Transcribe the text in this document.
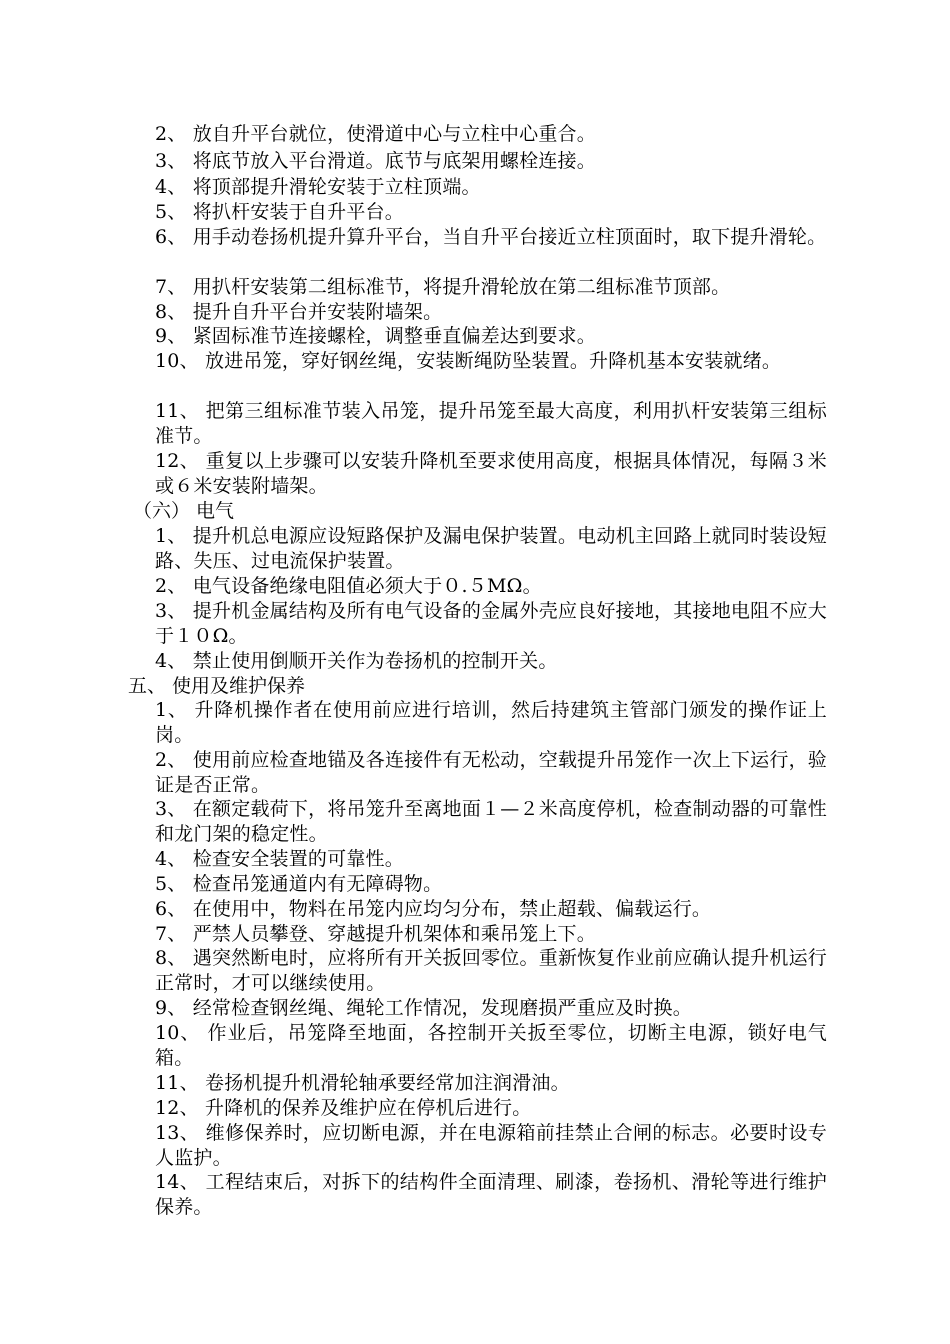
2、 放自升平台就位，使滑道中心与立柱中心重合。
3、 将底节放入平台滑道。底节与底架用螺栓连接。
4、 将顶部提升滑轮安装于立柱顶端。
5、 将扒杆安装于自升平台。
6、 用手动卷扬机提升算升平台，当自升平台接近立柱顶面时，取下提升滑轮。
7、 用扒杆安装第二组标准节，将提升滑轮放在第二组标准节顶部。
8、 提升自升平台并安装附墙架。
9、 紧固标准节连接螺栓，调整垂直偏差达到要求。
10、 放进吊笼，穿好钢丝绳，安装断绳防坠装置。升降机基本安装就绪。
11、 把第三组标准节装入吊笼，提升吊笼至最大高度，利用扒杆安装第三组标准节。
12、 重复以上步骤可以安装升降机至要求使用高度，根据具体情况，每隔３米或６米安装附墙架。
（六） 电气
1、 提升机总电源应设短路保护及漏电保护装置。电动机主回路上就同时装设短路、失压、过电流保护装置。
2、 电气设备绝缘电阻值必须大于０.５MΩ。
3、 提升机金属结构及所有电气设备的金属外壳应良好接地，其接地电阻不应大于１０Ω。
4、 禁止使用倒顺开关作为卷扬机的控制开关。
五、 使用及维护保养
1、 升降机操作者在使用前应进行培训，然后持建筑主管部门颁发的操作证上岗。
2、 使用前应检查地锚及各连接件有无松动，空载提升吊笼作一次上下运行，验证是否正常。
3、 在额定载荷下，将吊笼升至离地面１—２米高度停机，检查制动器的可靠性和龙门架的稳定性。
4、 检查安全装置的可靠性。
5、 检查吊笼通道内有无障碍物。
6、 在使用中，物料在吊笼内应均匀分布，禁止超载、偏载运行。
7、 严禁人员攀登、穿越提升机架体和乘吊笼上下。
8、 遇突然断电时，应将所有开关扳回零位。重新恢复作业前应确认提升机运行正常时，才可以继续使用。
9、 经常检查钢丝绳、绳轮工作情况，发现磨损严重应及时换。
10、 作业后，吊笼降至地面，各控制开关扳至零位，切断主电源，锁好电气箱。
11、 卷扬机提升机滑轮轴承要经常加注润滑油。
12、 升降机的保养及维护应在停机后进行。
13、 维修保养时，应切断电源，并在电源箱前挂禁止合闸的标志。必要时设专人监护。
14、 工程结束后，对拆下的结构件全面清理、刷漆，卷扬机、滑轮等进行维护保养。
